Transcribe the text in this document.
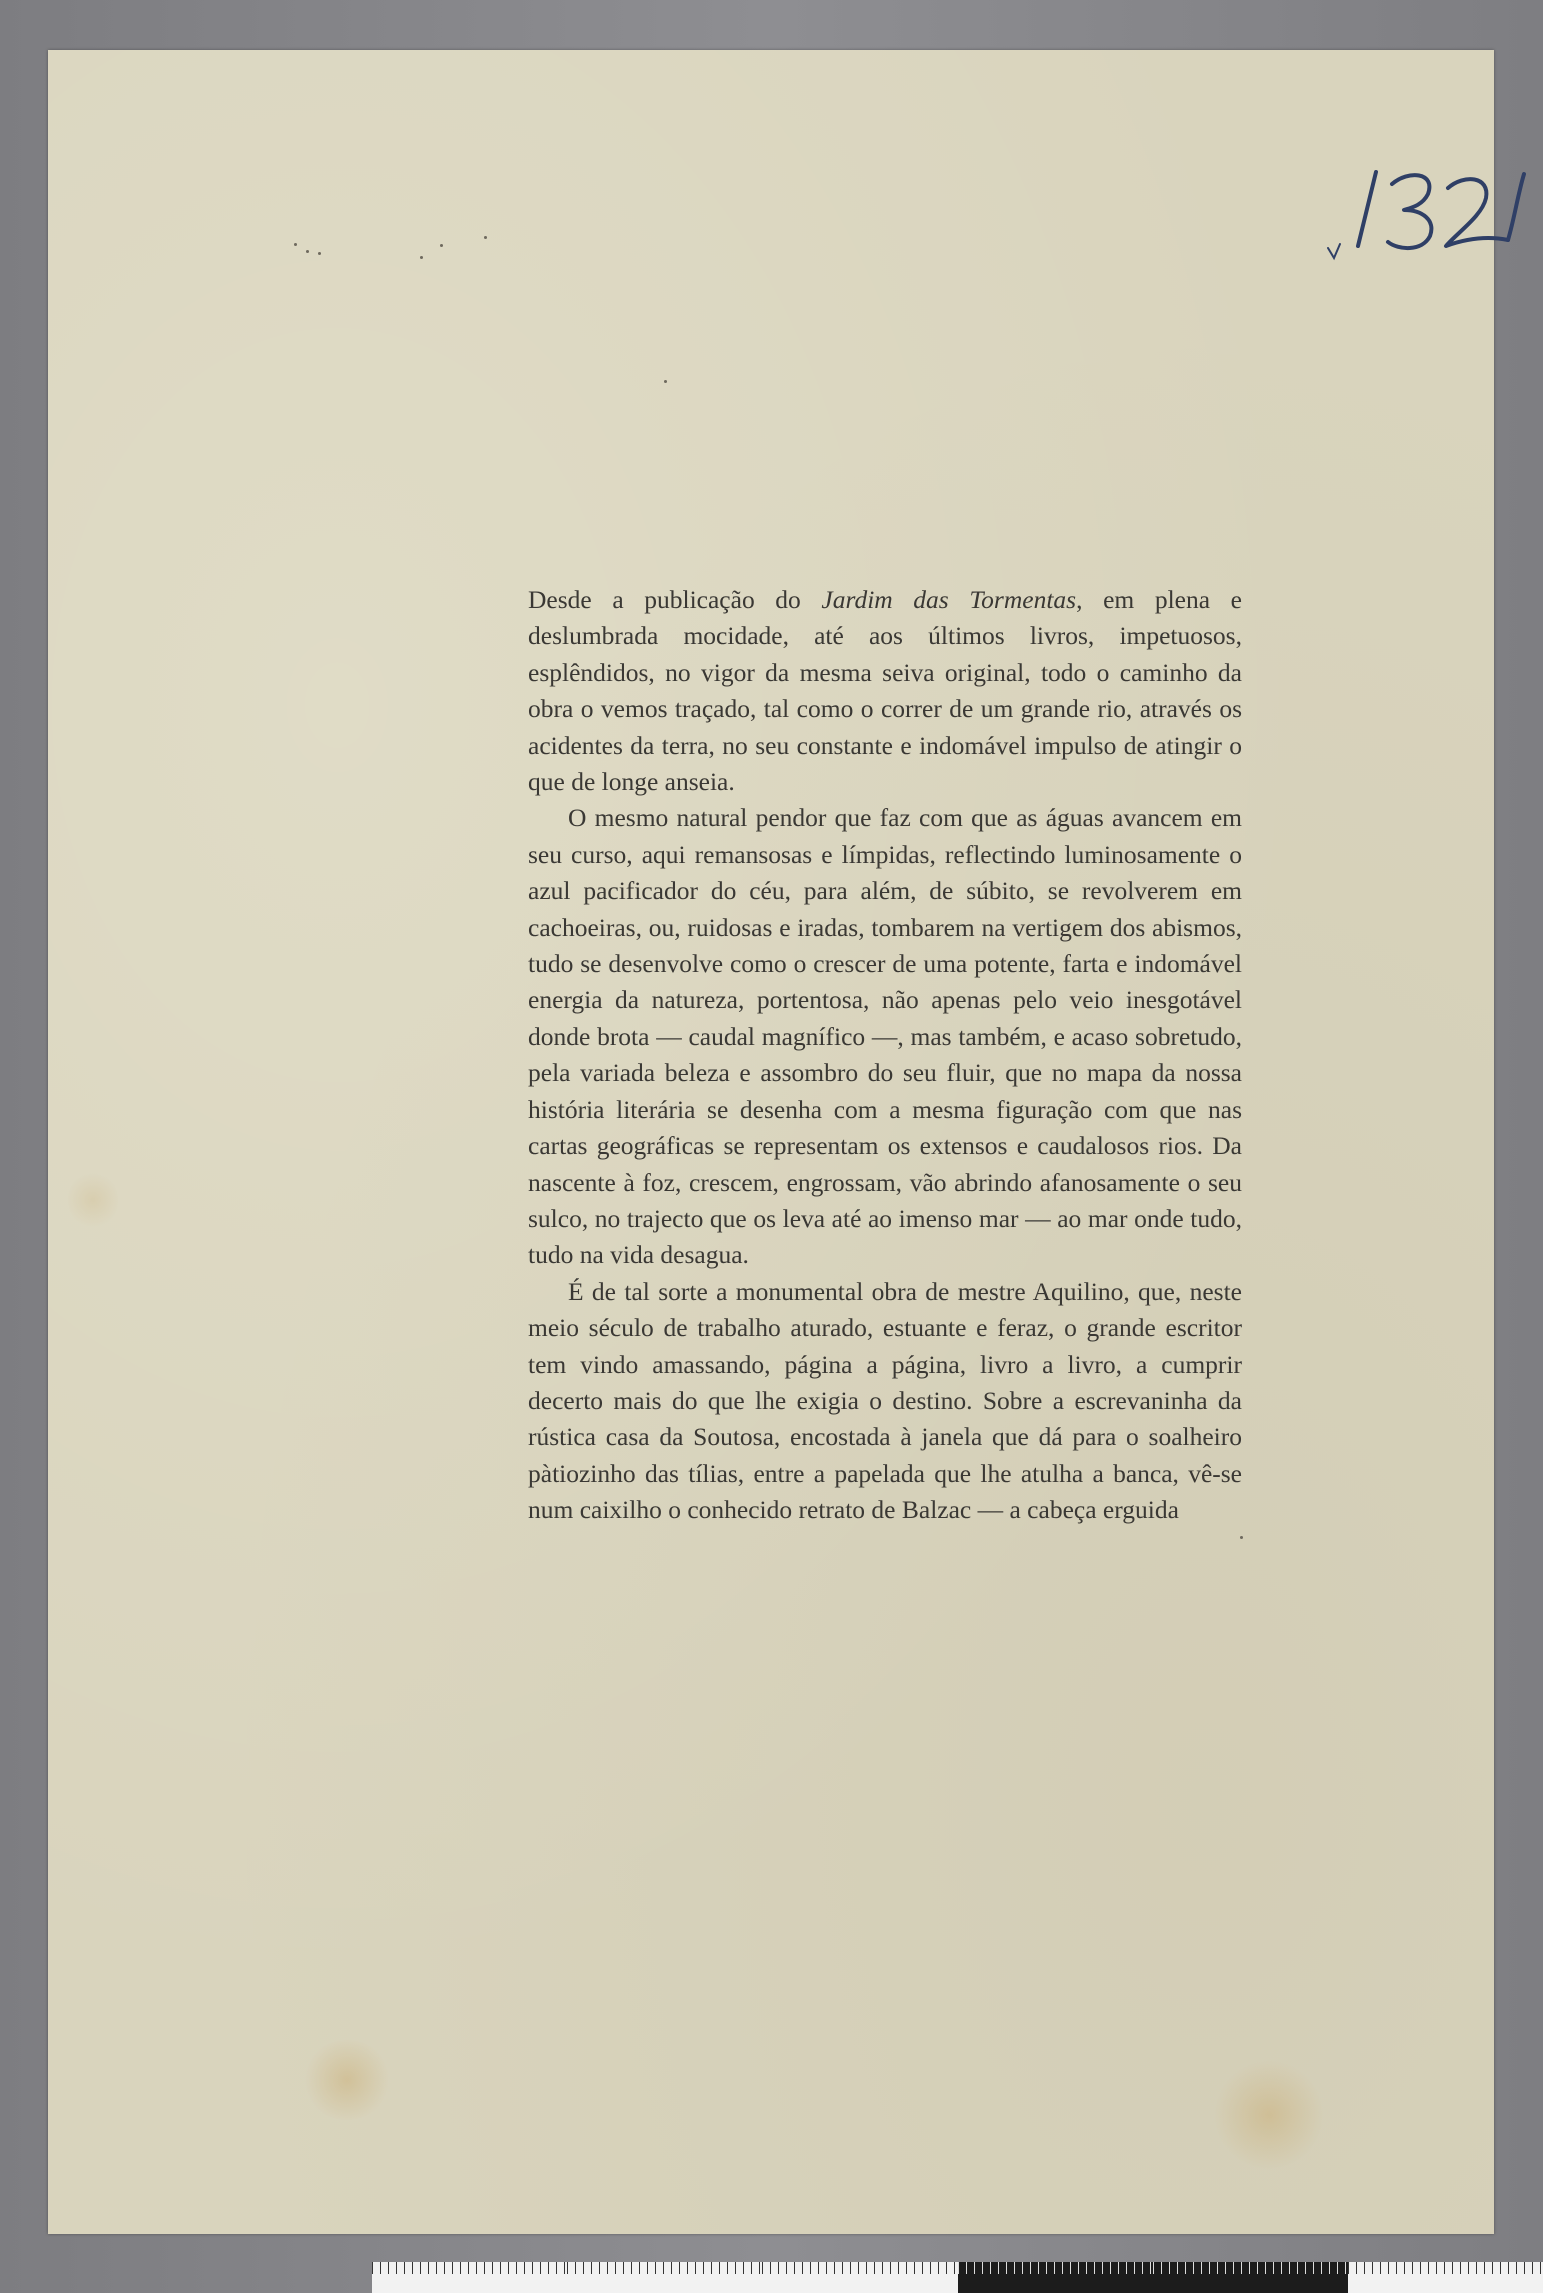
Desde a publicação do Jardim das Tormentas, em plena e deslumbrada mocidade, até aos últimos livros, impetuosos, esplêndidos, no vigor da mesma seiva original, todo o caminho da obra o vemos traçado, tal como o correr de um grande rio, através os acidentes da terra, no seu constante e indomável impulso de atingir o que de longe anseia.

O mesmo natural pendor que faz com que as águas avancem em seu curso, aqui remansosas e límpidas, reflectindo luminosamente o azul pacificador do céu, para além, de súbito, se revolverem em cachoeiras, ou, ruidosas e iradas, tombarem na vertigem dos abismos, tudo se desenvolve como o crescer de uma potente, farta e indomável energia da natureza, portentosa, não apenas pelo veio inesgotável donde brota — caudal magnífico —, mas também, e acaso sobretudo, pela variada beleza e assombro do seu fluir, que no mapa da nossa história literária se desenha com a mesma figuração com que nas cartas geográficas se representam os extensos e caudalosos rios. Da nascente à foz, crescem, engrossam, vão abrindo afanosamente o seu sulco, no trajecto que os leva até ao imenso mar — ao mar onde tudo, tudo na vida desagua.

É de tal sorte a monumental obra de mestre Aquilino, que, neste meio século de trabalho aturado, estuante e feraz, o grande escritor tem vindo amassando, página a página, livro a livro, a cumprir decerto mais do que lhe exigia o destino. Sobre a escrevaninha da rústica casa da Soutosa, encostada à janela que dá para o soalheiro pàtiozinho das tílias, entre a papelada que lhe atulha a banca, vê-se num caixilho o conhecido retrato de Balzac — a cabeça erguida
